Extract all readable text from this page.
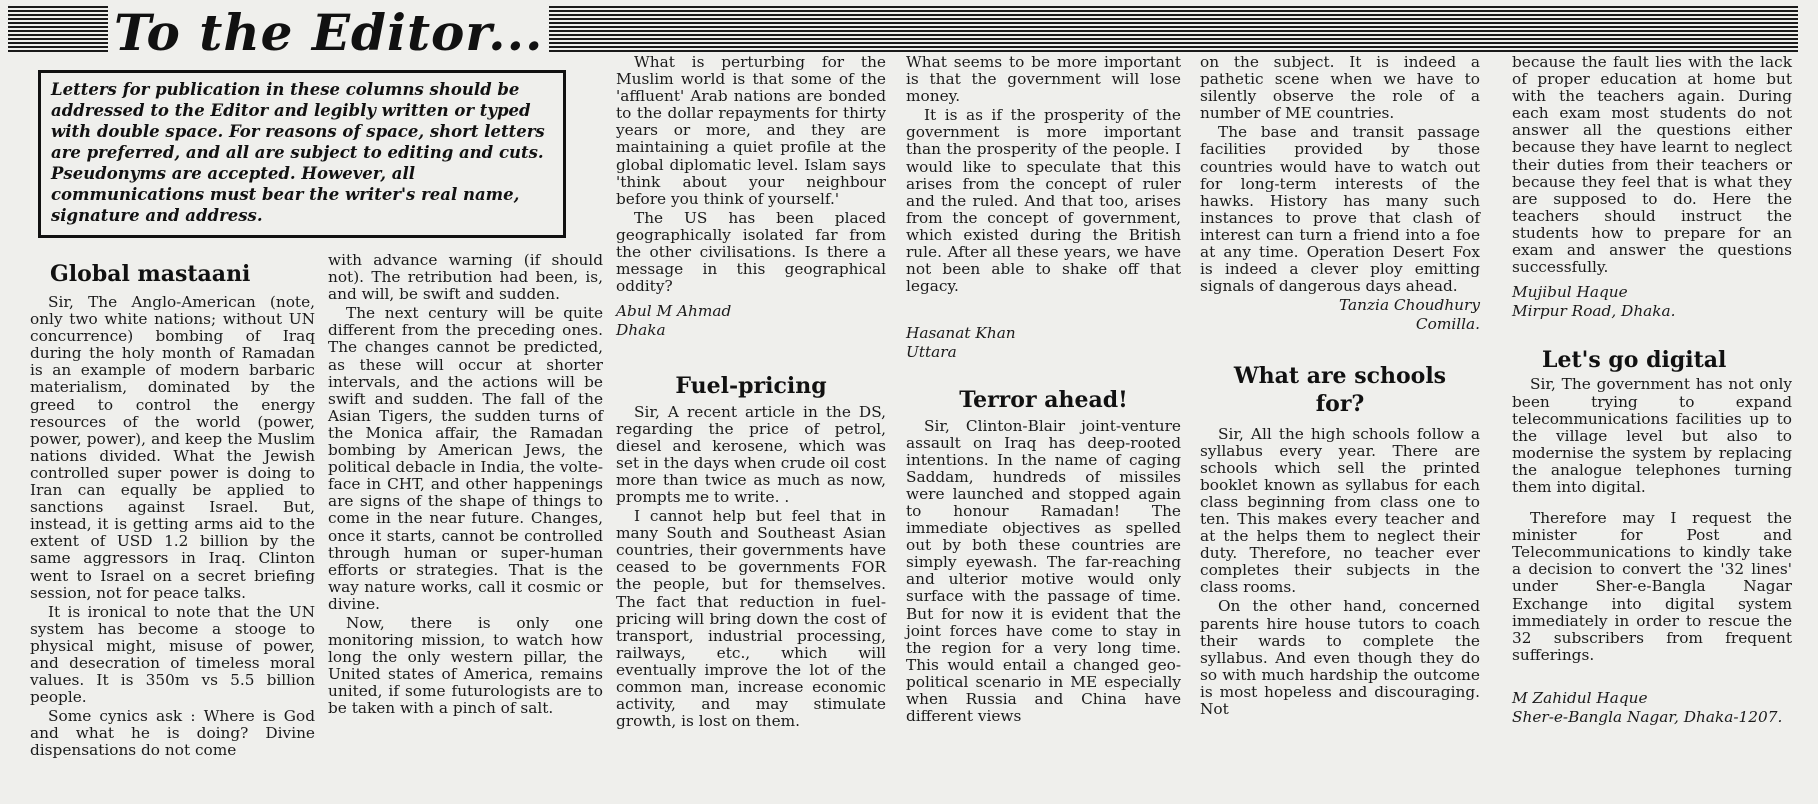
To the Editor...
Letters for publication in these columns should be addressed to the Editor and legibly written or typed with double space. For reasons of space, short letters are preferred, and all are subject to editing and cuts. Pseudonyms are accepted. However, all communications must bear the writer's real name, signature and address.
Global mastaani

Sir, The Anglo-American (note, only two white nations; without UN concurrence) bombing of Iraq during the holy month of Ramadan is an example of modern barbaric materialism, dominated by the greed to control the energy resources of the world (power, power, power), and keep the Muslim nations divided. What the Jewish controlled super power is doing to Iran can equally be applied to sanctions against Israel. But, instead, it is getting arms aid to the extent of USD 1.2 billion by the same aggressors in Iraq. Clinton went to Israel on a secret briefing session, not for peace talks.

It is ironical to note that the UN system has become a stooge to physical might, misuse of power, and desecration of timeless moral values. It is 350m vs 5.5 billion people.

Some cynics ask : Where is God and what he is doing? Divine dispensations do not come

with advance warning (if should not). The retribution had been, is, and will, be swift and sudden.

The next century will be quite different from the preceding ones. The changes cannot be predicted, as these will occur at shorter intervals, and the actions will be swift and sudden. The fall of the Asian Tigers, the sudden turns of the Monica affair, the Ramadan bombing by American Jews, the political debacle in India, the volte-face in CHT, and other happenings are signs of the shape of things to come in the near future. Changes, once it starts, cannot be controlled through human or super-human efforts or strategies. That is the way nature works, call it cosmic or divine.

Now, there is only one monitoring mission, to watch how long the only western pillar, the United states of America, remains united, if some futurologists are to be taken with a pinch of salt.

What is perturbing for the Muslim world is that some of the 'affluent' Arab nations are bonded to the dollar repayments for thirty years or more, and they are maintaining a quiet profile at the global diplomatic level. Islam says 'think about your neighbour before you think of yourself.'

The US has been placed geographically isolated far from the other civilisations. Is there a message in this geographical oddity?

Abul M Ahmad

Dhaka

Fuel-pricing

Sir, A recent article in the DS, regarding the price of petrol, diesel and kerosene, which was set in the days when crude oil cost more than twice as much as now, prompts me to write. .

I cannot help but feel that in many South and Southeast Asian countries, their governments have ceased to be governments FOR the people, but for themselves. The fact that reduction in fuel-pricing will bring down the cost of transport, industrial processing, railways, etc., which will eventually improve the lot of the common man, increase economic activity, and may stimulate growth, is lost on them.

What seems to be more important is that the government will lose money.

It is as if the prosperity of the government is more important than the prosperity of the people. I would like to speculate that this arises from the concept of ruler and the ruled. And that too, arises from the concept of government, which existed during the British rule. After all these years, we have not been able to shake off that legacy.

Hasanat Khan

Uttara

Terror ahead!

Sir, Clinton-Blair joint-venture assault on Iraq has deep-rooted intentions. In the name of caging Saddam, hundreds of missiles were launched and stopped again to honour Ramadan! The immediate objectives as spelled out by both these countries are simply eyewash. The far-reaching and ulterior motive would only surface with the passage of time. But for now it is evident that the joint forces have come to stay in the region for a very long time. This would entail a changed geo-political scenario in ME especially when Russia and China have different views

on the subject. It is indeed a pathetic scene when we have to silently observe the role of a number of ME countries.

The base and transit passage facilities provided by those countries would have to watch out for long-term interests of the hawks. History has many such instances to prove that clash of interest can turn a friend into a foe at any time. Operation Desert Fox is indeed a clever ploy emitting signals of dangerous days ahead.

Tanzia Choudhury

Comilla.

What are schools for?

Sir, All the high schools follow a syllabus every year. There are schools which sell the printed booklet known as syllabus for each class beginning from class one to ten. This makes every teacher and at the helps them to neglect their duty. Therefore, no teacher ever completes their subjects in the class rooms.

On the other hand, concerned parents hire house tutors to coach their wards to complete the syllabus. And even though they do so with much hardship the outcome is most hopeless and discouraging. Not

because the fault lies with the lack of proper education at home but with the teachers again. During each exam most students do not answer all the questions either because they have learnt to neglect their duties from their teachers or because they feel that is what they are supposed to do. Here the teachers should instruct the students how to prepare for an exam and answer the questions successfully.

Mujibul Haque

Mirpur Road, Dhaka.

Let's go digital

Sir, The government has not only been trying to expand telecommunications facilities up to the village level but also to modernise the system by replacing the analogue telephones turning them into digital.

Therefore may I request the minister for Post and Telecommunications to kindly take a decision to convert the '32 lines' under Sher-e-Bangla Nagar Exchange into digital system immediately in order to rescue the 32 subscribers from frequent sufferings.

M Zahidul Haque

Sher-e-Bangla Nagar, Dhaka-1207.
